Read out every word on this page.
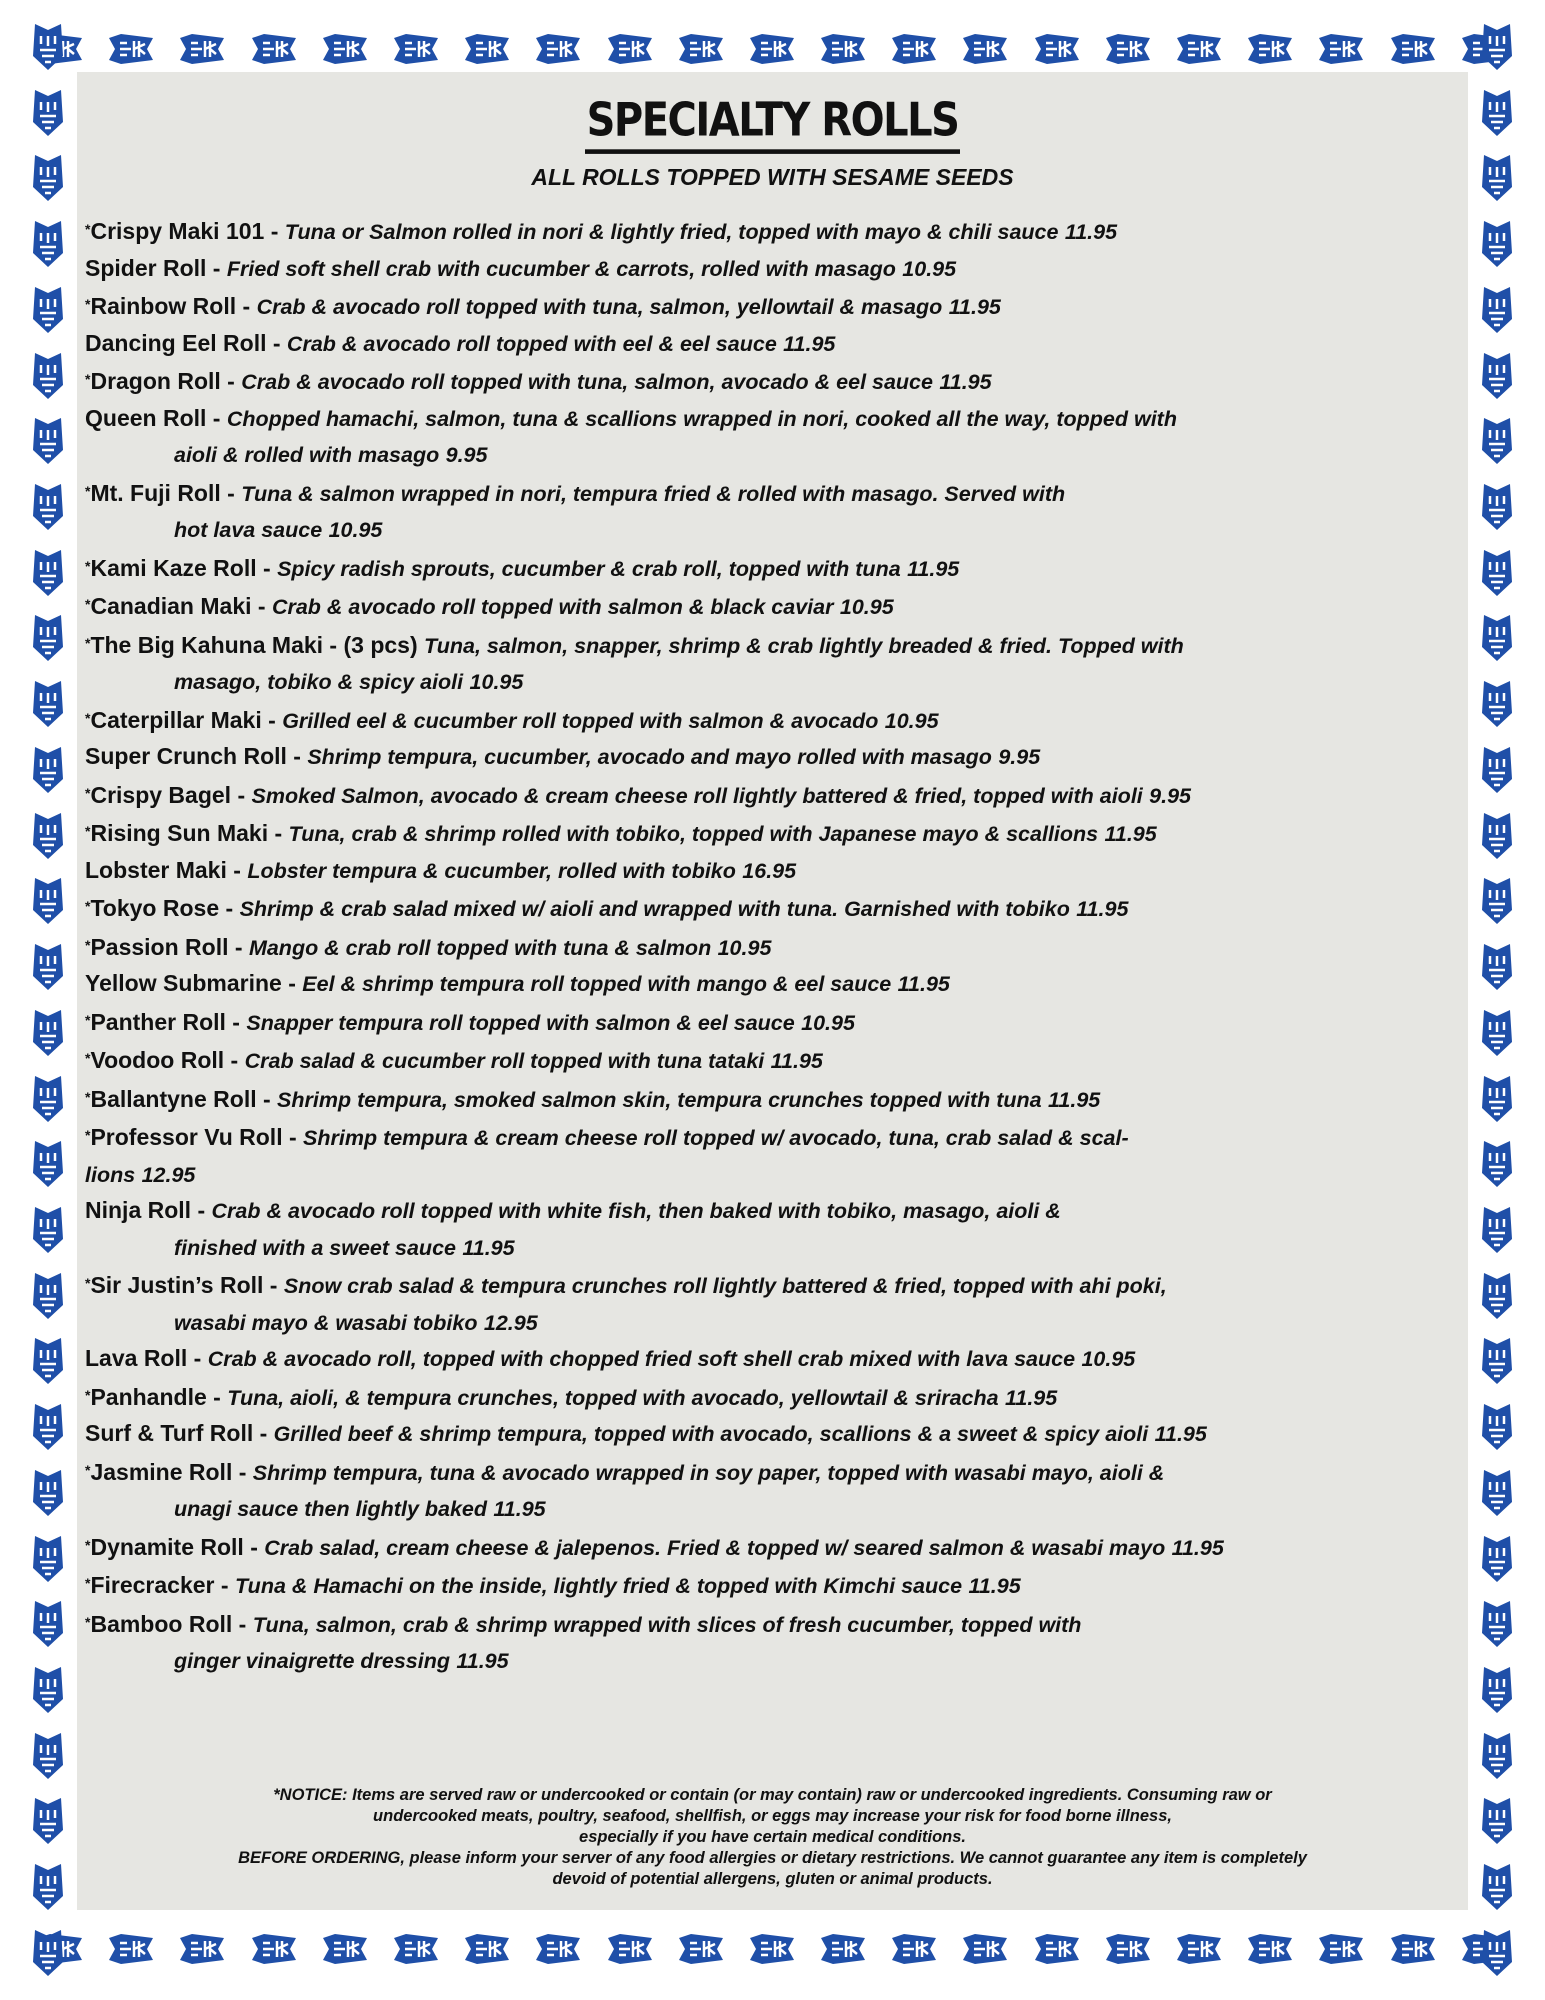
SPECIALTY ROLLS
ALL ROLLS TOPPED WITH SESAME SEEDS
*Crispy Maki 101 - Tuna or Salmon rolled in nori & lightly fried, topped with mayo & chili sauce 11.95
Spider Roll - Fried soft shell crab with cucumber & carrots, rolled with masago 10.95
*Rainbow Roll - Crab & avocado roll topped with tuna, salmon, yellowtail & masago 11.95
Dancing Eel Roll - Crab & avocado roll topped with eel & eel sauce 11.95
*Dragon Roll - Crab & avocado roll topped with tuna, salmon, avocado & eel sauce 11.95
Queen Roll - Chopped hamachi, salmon, tuna & scallions wrapped in nori, cooked all the way, topped with
aioli & rolled with masago 9.95
*Mt. Fuji Roll - Tuna & salmon wrapped in nori, tempura fried & rolled with masago. Served with
hot lava sauce 10.95
*Kami Kaze Roll - Spicy radish sprouts, cucumber & crab roll, topped with tuna 11.95
*Canadian Maki - Crab & avocado roll topped with salmon & black caviar 10.95
*The Big Kahuna Maki - (3 pcs) Tuna, salmon, snapper, shrimp & crab lightly breaded & fried. Topped with
masago, tobiko & spicy aioli 10.95
*Caterpillar Maki - Grilled eel & cucumber roll topped with salmon & avocado 10.95
Super Crunch Roll - Shrimp tempura, cucumber, avocado and mayo rolled with masago 9.95
*Crispy Bagel - Smoked Salmon, avocado & cream cheese roll lightly battered & fried, topped with aioli 9.95
*Rising Sun Maki - Tuna, crab & shrimp rolled with tobiko, topped with Japanese mayo & scallions 11.95
Lobster Maki - Lobster tempura & cucumber, rolled with tobiko 16.95
*Tokyo Rose - Shrimp & crab salad mixed w/ aioli and wrapped with tuna. Garnished with tobiko 11.95
*Passion Roll - Mango & crab roll topped with tuna & salmon 10.95
Yellow Submarine - Eel & shrimp tempura roll topped with mango & eel sauce 11.95
*Panther Roll - Snapper tempura roll topped with salmon & eel sauce 10.95
*Voodoo Roll - Crab salad & cucumber roll topped with tuna tataki 11.95
*Ballantyne Roll - Shrimp tempura, smoked salmon skin, tempura crunches topped with tuna 11.95
*Professor Vu Roll - Shrimp tempura & cream cheese roll topped w/ avocado, tuna, crab salad & scal-
lions 12.95
Ninja Roll - Crab & avocado roll topped with white fish, then baked with tobiko, masago, aioli &
finished with a sweet sauce 11.95
*Sir Justin’s Roll - Snow crab salad & tempura crunches roll lightly battered & fried, topped with ahi poki,
wasabi mayo & wasabi tobiko 12.95
Lava Roll - Crab & avocado roll, topped with chopped fried soft shell crab mixed with lava sauce 10.95
*Panhandle - Tuna, aioli, & tempura crunches, topped with avocado, yellowtail & sriracha 11.95
Surf & Turf Roll - Grilled beef & shrimp tempura, topped with avocado, scallions & a sweet & spicy aioli 11.95
*Jasmine Roll - Shrimp tempura, tuna & avocado wrapped in soy paper, topped with wasabi mayo, aioli &
unagi sauce then lightly baked 11.95
*Dynamite Roll - Crab salad, cream cheese & jalepenos. Fried & topped w/ seared salmon & wasabi mayo 11.95
*Firecracker - Tuna & Hamachi on the inside, lightly fried & topped with Kimchi sauce 11.95
*Bamboo Roll - Tuna, salmon, crab & shrimp wrapped with slices of fresh cucumber, topped with
ginger vinaigrette dressing 11.95
*NOTICE: Items are served raw or undercooked or contain (or may contain) raw or undercooked ingredients. Consuming raw or
undercooked meats, poultry, seafood, shellfish, or eggs may increase your risk for food borne illness,
especially if you have certain medical conditions.
BEFORE ORDERING, please inform your server of any food allergies or dietary restrictions. We cannot guarantee any item is completely
devoid of potential allergens, gluten or animal products.
